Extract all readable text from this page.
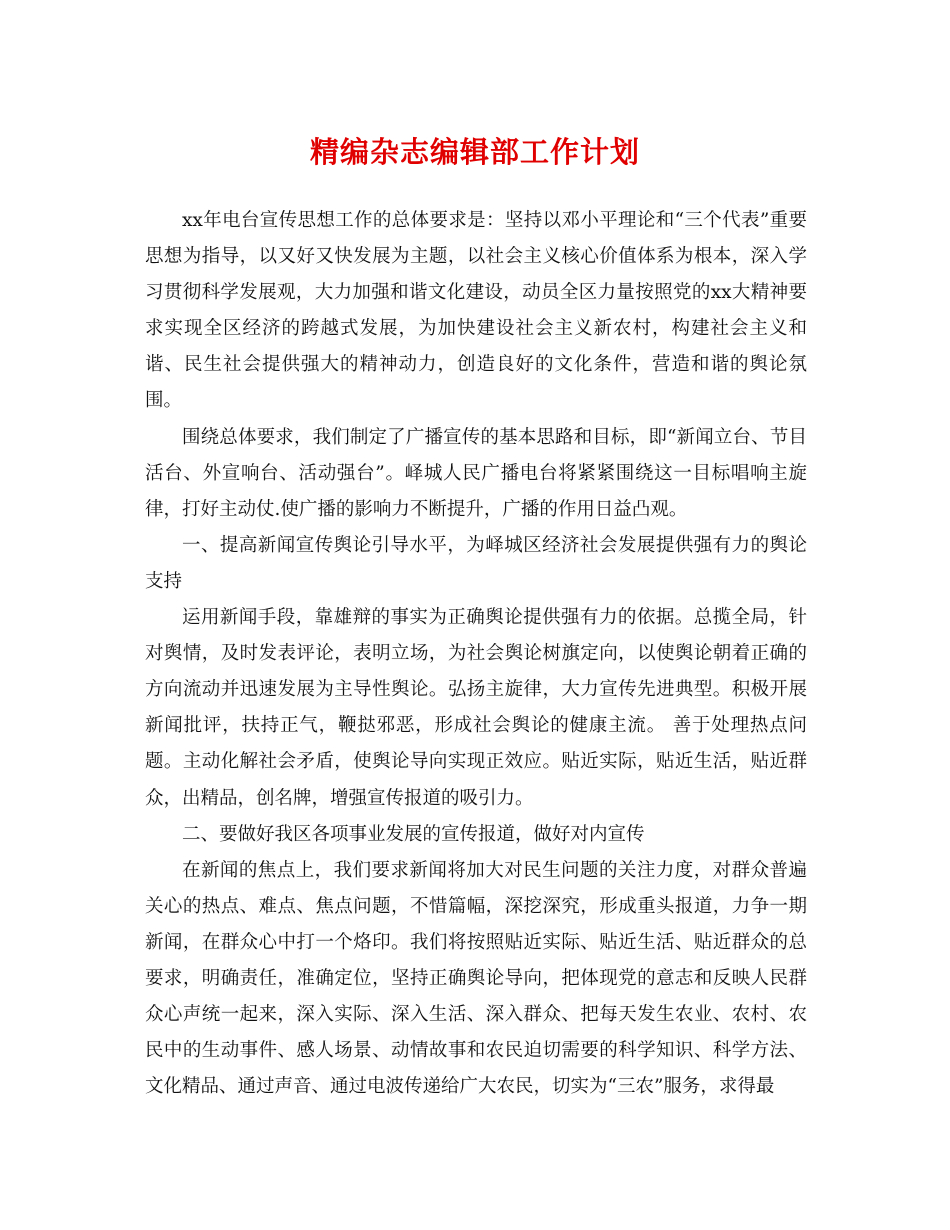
精编杂志编辑部工作计划

xx年电台宣传思想工作的总体要求是：坚持以邓小平理论和“三个代表”重要思想为指导，以又好又快发展为主题，以社会主义核心价值体系为根本，深入学习贯彻科学发展观，大力加强和谐文化建设，动员全区力量按照党的xx大精神要求实现全区经济的跨越式发展，为加快建设社会主义新农村，构建社会主义和谐、民生社会提供强大的精神动力，创造良好的文化条件，营造和谐的舆论氛围。

围绕总体要求，我们制定了广播宣传的基本思路和目标，即“新闻立台、节目活台、外宣响台、活动强台”。峄城人民广播电台将紧紧围绕这一目标唱响主旋律，打好主动仗.使广播的影响力不断提升，广播的作用日益凸观。

一、提高新闻宣传舆论引导水平，为峄城区经济社会发展提供强有力的舆论支持

运用新闻手段，靠雄辩的事实为正确舆论提供强有力的依据。总揽全局，针对舆情，及时发表评论，表明立场，为社会舆论树旗定向，以使舆论朝着正确的方向流动并迅速发展为主导性舆论。弘扬主旋律，大力宣传先进典型。积极开展新闻批评，扶持正气，鞭挞邪恶，形成社会舆论的健康主流。 善于处理热点问题。主动化解社会矛盾，使舆论导向实现正效应。贴近实际，贴近生活，贴近群众，出精品，创名牌，增强宣传报道的吸引力。

二、要做好我区各项事业发展的宣传报道，做好对内宣传

在新闻的焦点上，我们要求新闻将加大对民生问题的关注力度，对群众普遍关心的热点、难点、焦点问题，不惜篇幅，深挖深究，形成重头报道，力争一期新闻，在群众心中打一个烙印。我们将按照贴近实际、贴近生活、贴近群众的总要求，明确责任，准确定位，坚持正确舆论导向，把体现党的意志和反映人民群众心声统一起来，深入实际、深入生活、深入群众、把每天发生农业、农村、农民中的生动事件、感人场景、动情故事和农民迫切需要的科学知识、科学方法、文化精品、通过声音、通过电波传递给广大农民，切实为“三农”服务，求得最
